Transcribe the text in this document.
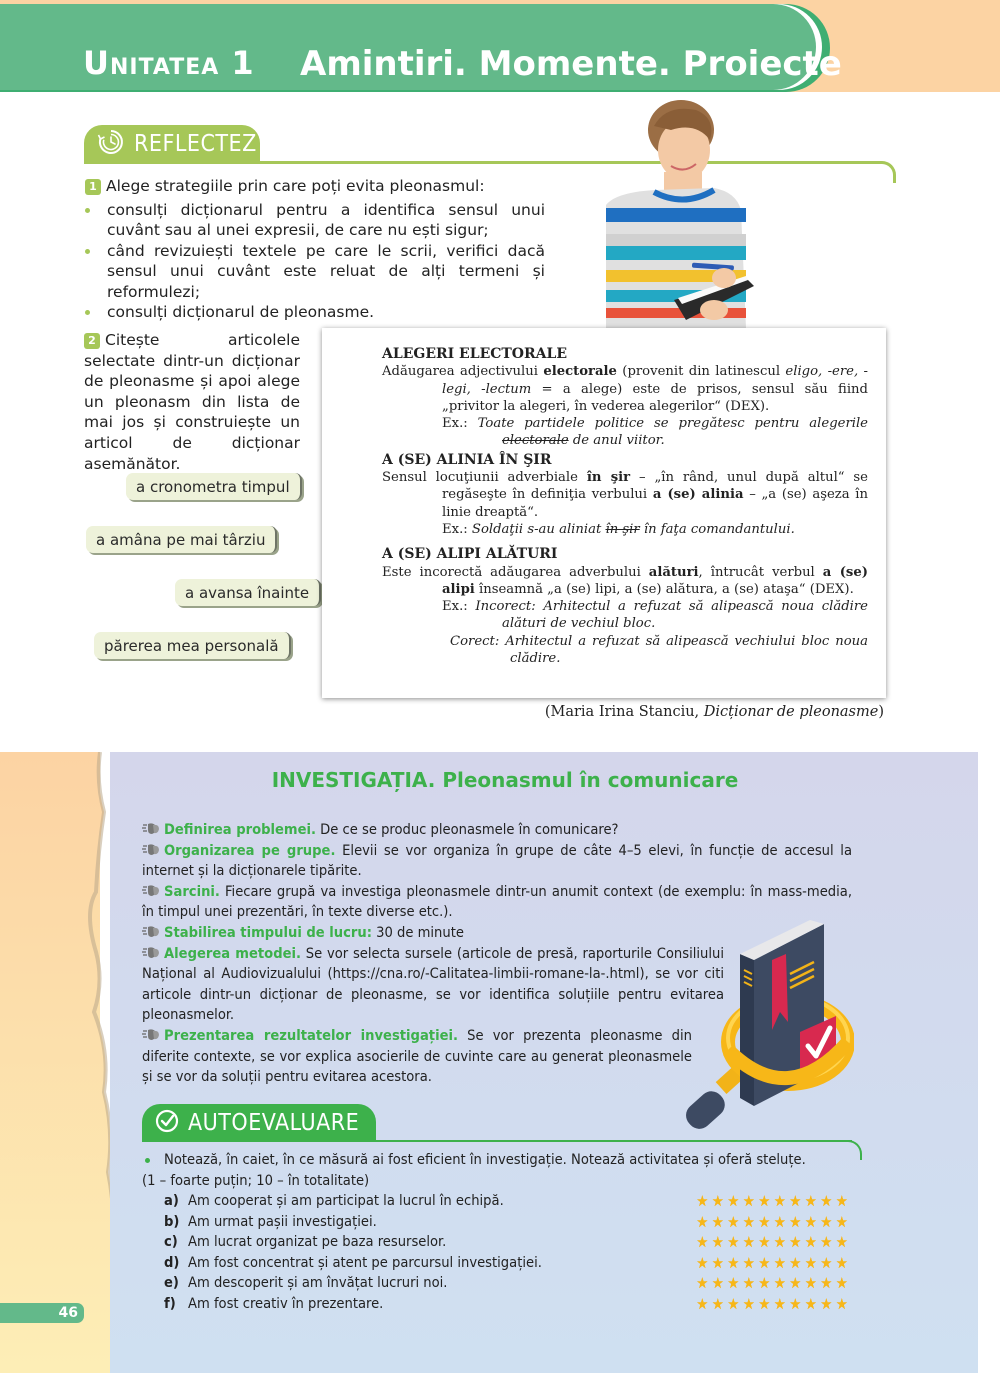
Unitatea 1 Amintiri. Momente. Proiecte
REFLECTEZ
1 Alege strategiile prin care poți evita pleonasmul:
consulți dicționarul pentru a identifica sensul unui cuvânt sau al unei expresii, de care nu ești sigur;
când revizuiești textele pe care le scrii, verifici dacă sensul unui cuvânt este reluat de alți termeni și reformulezi;
consulți dicționarul de pleonasme.
2 Citește articolele selectate dintr-un dicționar de pleonasme și apoi alege un pleonasm din lista de mai jos și construiește un articol de dicționar asemănător.
a cronometra timpul
a amâna pe mai târziu
a avansa înainte
părerea mea personală
ALEGERI ELECTORALE
Adăugarea adjectivului electorale (provenit din latinescul eligo, -ere, -legi, -lectum = a alege) este de prisos, sensul său fiind „privitor la alegeri, în vederea alegerilor“ (DEX).
Ex.: Toate partidele politice se pregătesc pentru alegerile electorale de anul viitor.
A (SE) ALINIA ÎN ŞIR
Sensul locuţiunii adverbiale în şir – „în rând, unul după altul“ se regăseşte în definiţia verbului a (se) alinia – „a (se) aşeza în linie dreaptă“.
Ex.: Soldaţii s-au aliniat în şir în faţa comandantului.
A (SE) ALIPI ALĂTURI
Este incorectă adăugarea adverbului alături, întrucât verbul a (se) alipi înseamnă „a (se) lipi, a (se) alătura, a (se) ataşa“ (DEX).
Ex.: Incorect: Arhitectul a refuzat să alipească noua clădire alături de vechiul bloc.
Corect: Arhitectul a refuzat să alipească vechiului bloc noua clădire.
(Maria Irina Stanciu, Dicționar de pleonasme)
INVESTIGAȚIA. Pleonasmul în comunicare
Definirea problemei. De ce se produc pleonasmele în comunicare?
Organizarea pe grupe. Elevii se vor organiza în grupe de câte 4–5 elevi, în funcție de accesul la internet și la dicționarele tipărite.
Sarcini. Fiecare grupă va investiga pleonasmele dintr-un anumit context (de exemplu: în mass-media, în timpul unei prezentări, în texte diverse etc.).
Stabilirea timpului de lucru: 30 de minute
Alegerea metodei. Se vor selecta sursele (articole de presă, raporturile Consiliului Național al Audiovizualului (https://cna.ro/-Calitatea-limbii-romane-la-.html), se vor citi articole dintr-un dicționar de pleonasme, se vor identifica soluțiile pentru evitarea pleonasmelor.
Prezentarea rezultatelor investigației. Se vor prezenta pleonasme din diferite contexte, se vor explica asocierile de cuvinte care au generat pleonasmele și se vor da soluții pentru evitarea acestora.
AUTOEVALUARE
Notează, în caiet, în ce măsură ai fost eficient în investigație. Notează activitatea și oferă steluțe.
(1 – foarte puțin; 10 – în totalitate)
a) Am cooperat și am participat la lucrul în echipă.	★ ★ ★ ★ ★ ★ ★ ★ ★ ★
b) Am urmat pașii investigației.	★ ★ ★ ★ ★ ★ ★ ★ ★ ★
c) Am lucrat organizat pe baza resurselor.	★ ★ ★ ★ ★ ★ ★ ★ ★ ★
d) Am fost concentrat și atent pe parcursul investigației.	★ ★ ★ ★ ★ ★ ★ ★ ★ ★
e) Am descoperit și am învățat lucruri noi.	★ ★ ★ ★ ★ ★ ★ ★ ★ ★
f) Am fost creativ în prezentare.	★ ★ ★ ★ ★ ★ ★ ★ ★ ★
46
